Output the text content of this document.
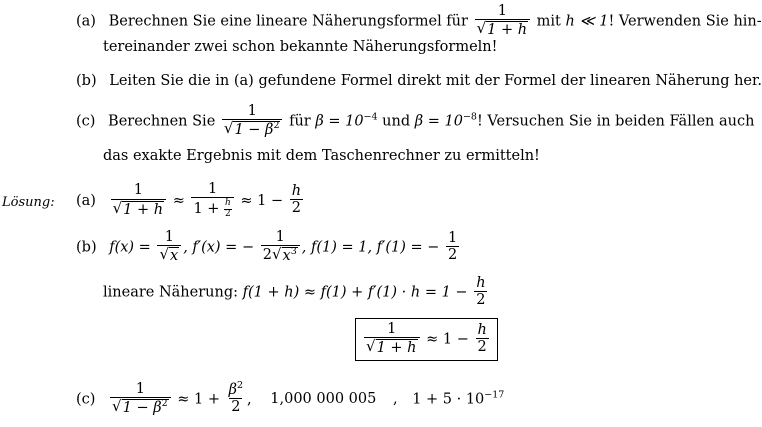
(a) Berechnen Sie eine lineare Näherungsformel für $\frac{1}{√ 1 + h}$ mit h ≪ 1! Verwenden Sie hin-
tereinander zwei schon bekannte Näherungsformeln!
(b) Leiten Sie die in (a) gefundene Formel direkt mit der Formel der linearen Näherung her.
(c) Berechnen Sie $\frac{1}{√ 1 - \beta^2}$ für $\beta = 10^{-4}$ und $\beta = 10^{-8}$! Versuchen Sie in beiden Fällen auch
das exakte Ergebnis mit dem Taschenrechner zu ermitteln!
Lösung: $(a) \frac{1}{√ 1 + h} \approx \frac{1}{1 + \frac{h}{2}} \approx 1 - \frac{h}{2}$
(b) $f(x) = \frac{1}{√ x}$ , f′(x) = − $\frac{1}{2 √ x^3}$ , f(1) = 1, f′(1) = − $\frac{1}{2}$
lineare Näherung: $f(1 + h) \approx f(1) + f'(1) \cdot h = 1 - \frac{h}{2}$
$\frac{1}{√ 1 + h} \approx 1 - \frac{h}{2}$
$(c) \frac{1}{√ 1 - \beta^2} \approx 1 + \frac{\beta^2}{2}$ , 1,000 000 005 , $1 + 5 \cdot 10^{-17}$
